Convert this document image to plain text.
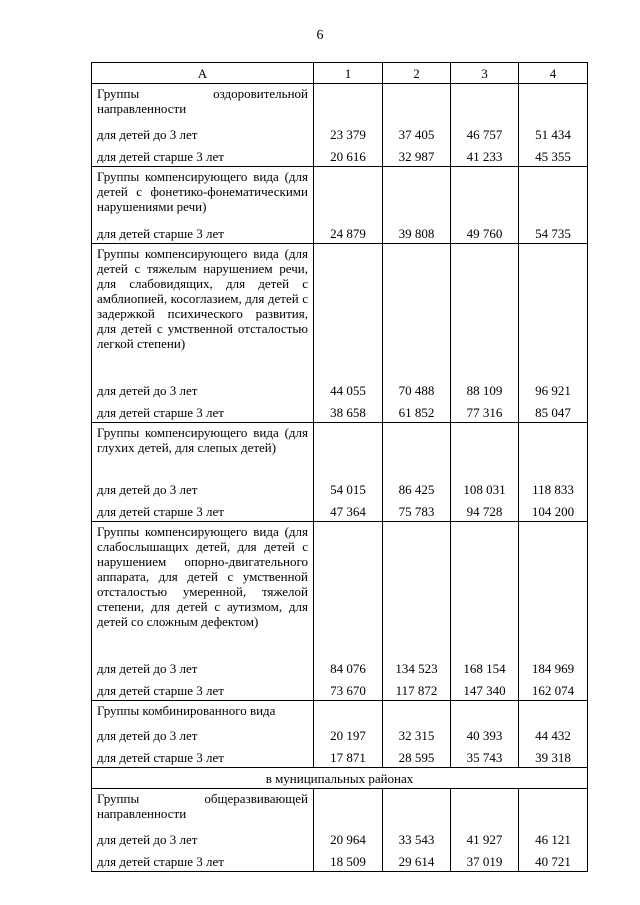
6
А	1	2	3	4
Группы оздоровительной направленности				
для детей до 3 лет	23 379	37 405	46 757	51 434
для детей старше 3 лет	20 616	32 987	41 233	45 355
Группы компенсирующего вида (для детей с фонетико-фонематическими нарушениями речи)				
для детей старше 3 лет	24 879	39 808	49 760	54 735
Группы компенсирующего вида (для детей с тяжелым нарушением речи, для слабовидящих, для детей с амблиопией, косоглазием, для детей с задержкой психического развития, для детей с умственной отсталостью легкой степени)				
для детей до 3 лет	44 055	70 488	88 109	96 921
для детей старше 3 лет	38 658	61 852	77 316	85 047
Группы компенсирующего вида (для глухих детей, для слепых детей)				
для детей до 3 лет	54 015	86 425	108 031	118 833
для детей старше 3 лет	47 364	75 783	94 728	104 200
Группы компенсирующего вида (для слабослышащих детей, для детей с нарушением опорно-двигательного аппарата, для детей с умственной отсталостью умеренной, тяжелой степени, для детей с аутизмом, для детей со сложным дефектом)				
для детей до 3 лет	84 076	134 523	168 154	184 969
для детей старше 3 лет	73 670	117 872	147 340	162 074
Группы комбинированного вида				
для детей до 3 лет	20 197	32 315	40 393	44 432
для детей старше 3 лет	17 871	28 595	35 743	39 318
в муниципальных районах				
Группы общеразвивающей направленности				
для детей до 3 лет	20 964	33 543	41 927	46 121
для детей старше 3 лет	18 509	29 614	37 019	40 721
